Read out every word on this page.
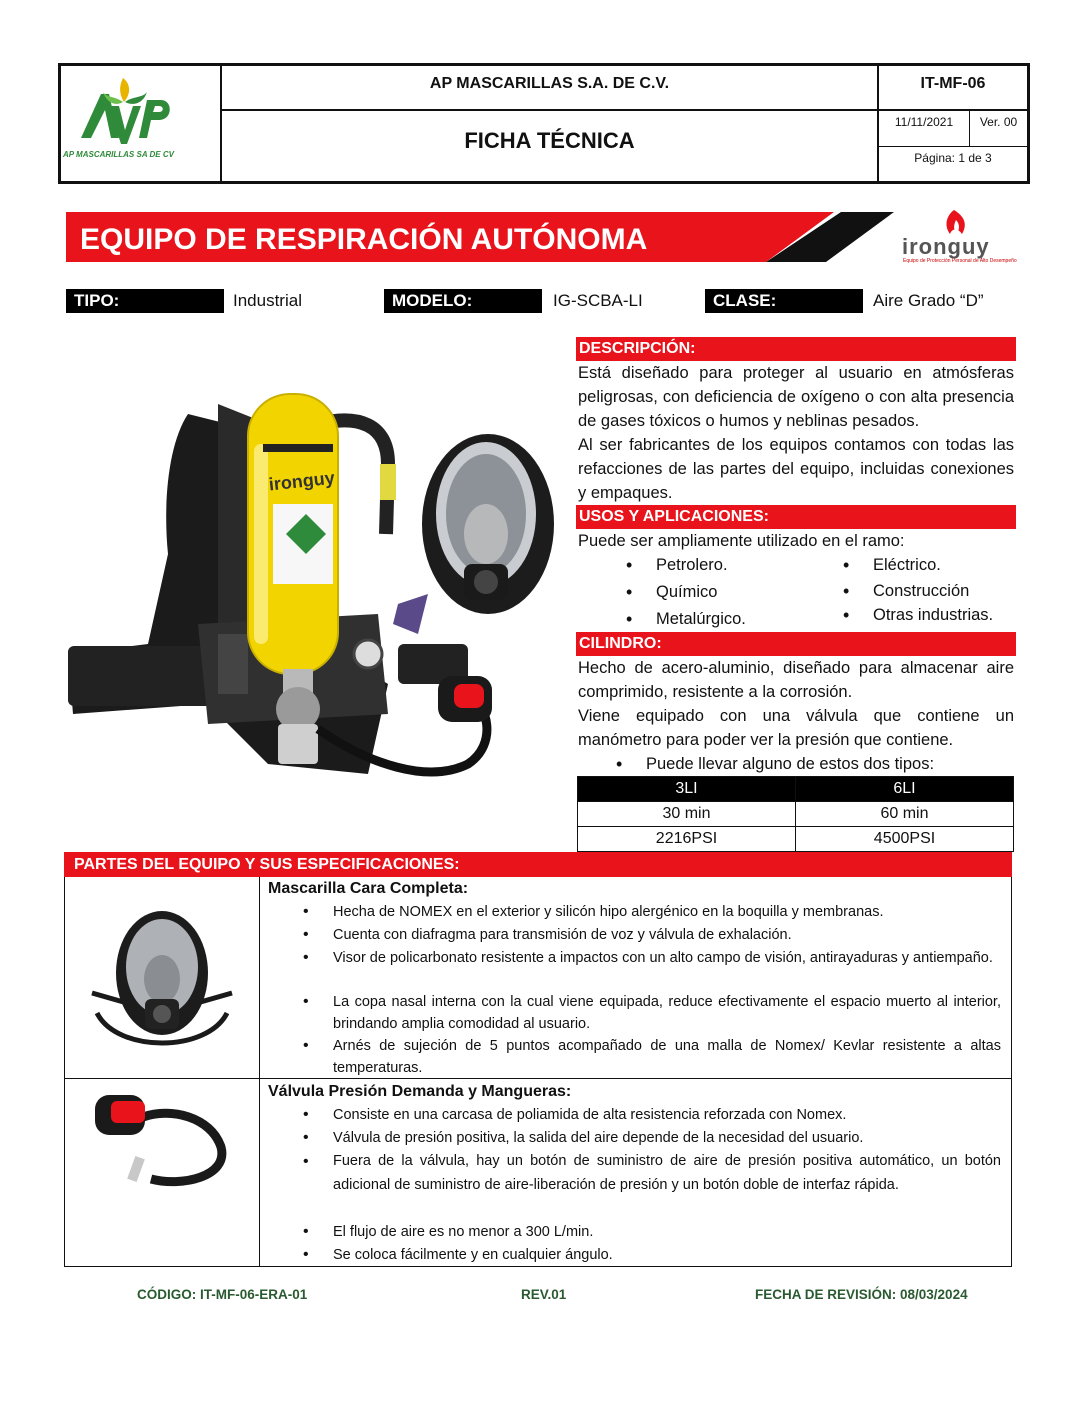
AP MASCARILLAS SA DE CV
AP MASCARILLAS S.A. DE C.V.	IT-MF-06
FICHA TÉCNICA
11/11/2021	Ver. 00
Página: 1 de 3
EQUIPO DE RESPIRACIÓN AUTÓNOMA	ironguy
Equipo de Protección Personal de Alto Desempeño
TIPO:	Industrial	MODELO:	IG-SCBA-LI	CLASE:	Aire Grado “D”
ironguy
DESCRIPCIÓN:
Está diseñado para proteger al usuario en atmósferas peligrosas, con deficiencia de oxígeno o con alta presencia de gases tóxicos o humos y neblinas pesados.
Al ser fabricantes de los equipos contamos con todas las refacciones de las partes del equipo, incluidas conexiones y empaques.
USOS Y APLICACIONES:
Puede ser ampliamente utilizado en el ramo:
• Petrolero.
• Químico
• Metalúrgico.
• Eléctrico.
• Construcción
• Otras industrias.
CILINDRO:
Hecho de acero-aluminio, diseñado para almacenar aire comprimido, resistente a la corrosión.
Viene equipado con una válvula que contiene un manómetro para poder ver la presión que contiene.
• Puede llevar alguno de estos dos tipos:
3LI	6LI
30 min	60 min
2216PSI	4500PSI
PARTES DEL EQUIPO Y SUS ESPECIFICACIONES:
Mascarilla Cara Completa:
• Hecha de NOMEX en el exterior y silicón hipo alergénico en la boquilla y membranas.
• Cuenta con diafragma para transmisión de voz y válvula de exhalación.
• Visor de policarbonato resistente a impactos con un alto campo de visión, antirayaduras y antiempaño.
• La copa nasal interna con la cual viene equipada, reduce efectivamente el espacio muerto al interior, brindando amplia comodidad al usuario.
• Arnés de sujeción de 5 puntos acompañado de una malla de Nomex/ Kevlar resistente a altas temperaturas.
Válvula Presión Demanda y Mangueras:
• Consiste en una carcasa de poliamida de alta resistencia reforzada con Nomex.
• Válvula de presión positiva, la salida del aire depende de la necesidad del usuario.
• Fuera de la válvula, hay un botón de suministro de aire de presión positiva automático, un botón adicional de suministro de aire-liberación de presión y un botón doble de interfaz rápida.
• El flujo de aire es no menor a 300 L/min.
• Se coloca fácilmente y en cualquier ángulo.
CÓDIGO: IT-MF-06-ERA-01	REV.01	FECHA DE REVISIÓN: 08/03/2024
